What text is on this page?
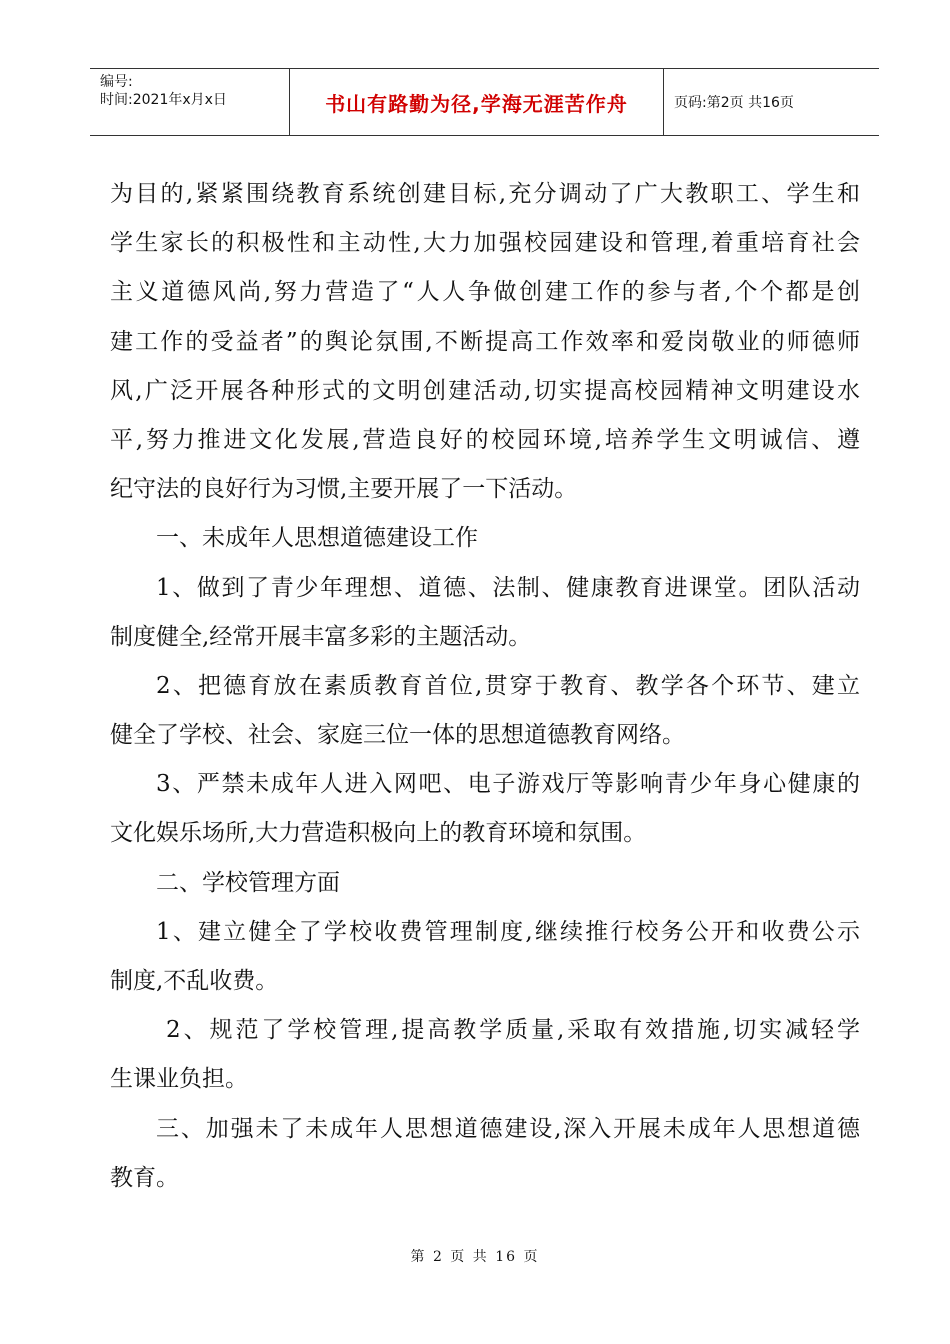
编号:
时间:2021年x月x日	书山有路勤为径,学海无涯苦作舟	页码:第2页 共16页
为目的,紧紧围绕教育系统创建目标,充分调动了广大教职工、学生和
学生家长的积极性和主动性,大力加强校园建设和管理,着重培育社会
主义道德风尚,努力营造了“人人争做创建工作的参与者,个个都是创
建工作的受益者”的舆论氛围,不断提高工作效率和爱岗敬业的师德师
风,广泛开展各种形式的文明创建活动,切实提高校园精神文明建设水
平,努力推进文化发展,营造良好的校园环境,培养学生文明诚信、遵
纪守法的良好行为习惯,主要开展了一下活动。
一、未成年人思想道德建设工作
1、做到了青少年理想、道德、法制、健康教育进课堂。团队活动
制度健全,经常开展丰富多彩的主题活动。
2、把德育放在素质教育首位,贯穿于教育、教学各个环节、建立
健全了学校、社会、家庭三位一体的思想道德教育网络。
3、严禁未成年人进入网吧、电子游戏厅等影响青少年身心健康的
文化娱乐场所,大力营造积极向上的教育环境和氛围。
二、学校管理方面
1、建立健全了学校收费管理制度,继续推行校务公开和收费公示
制度,不乱收费。
2、规范了学校管理,提高教学质量,采取有效措施,切实减轻学
生课业负担。
三、加强未了未成年人思想道德建设,深入开展未成年人思想道德
教育。
第 2 页 共 16 页
